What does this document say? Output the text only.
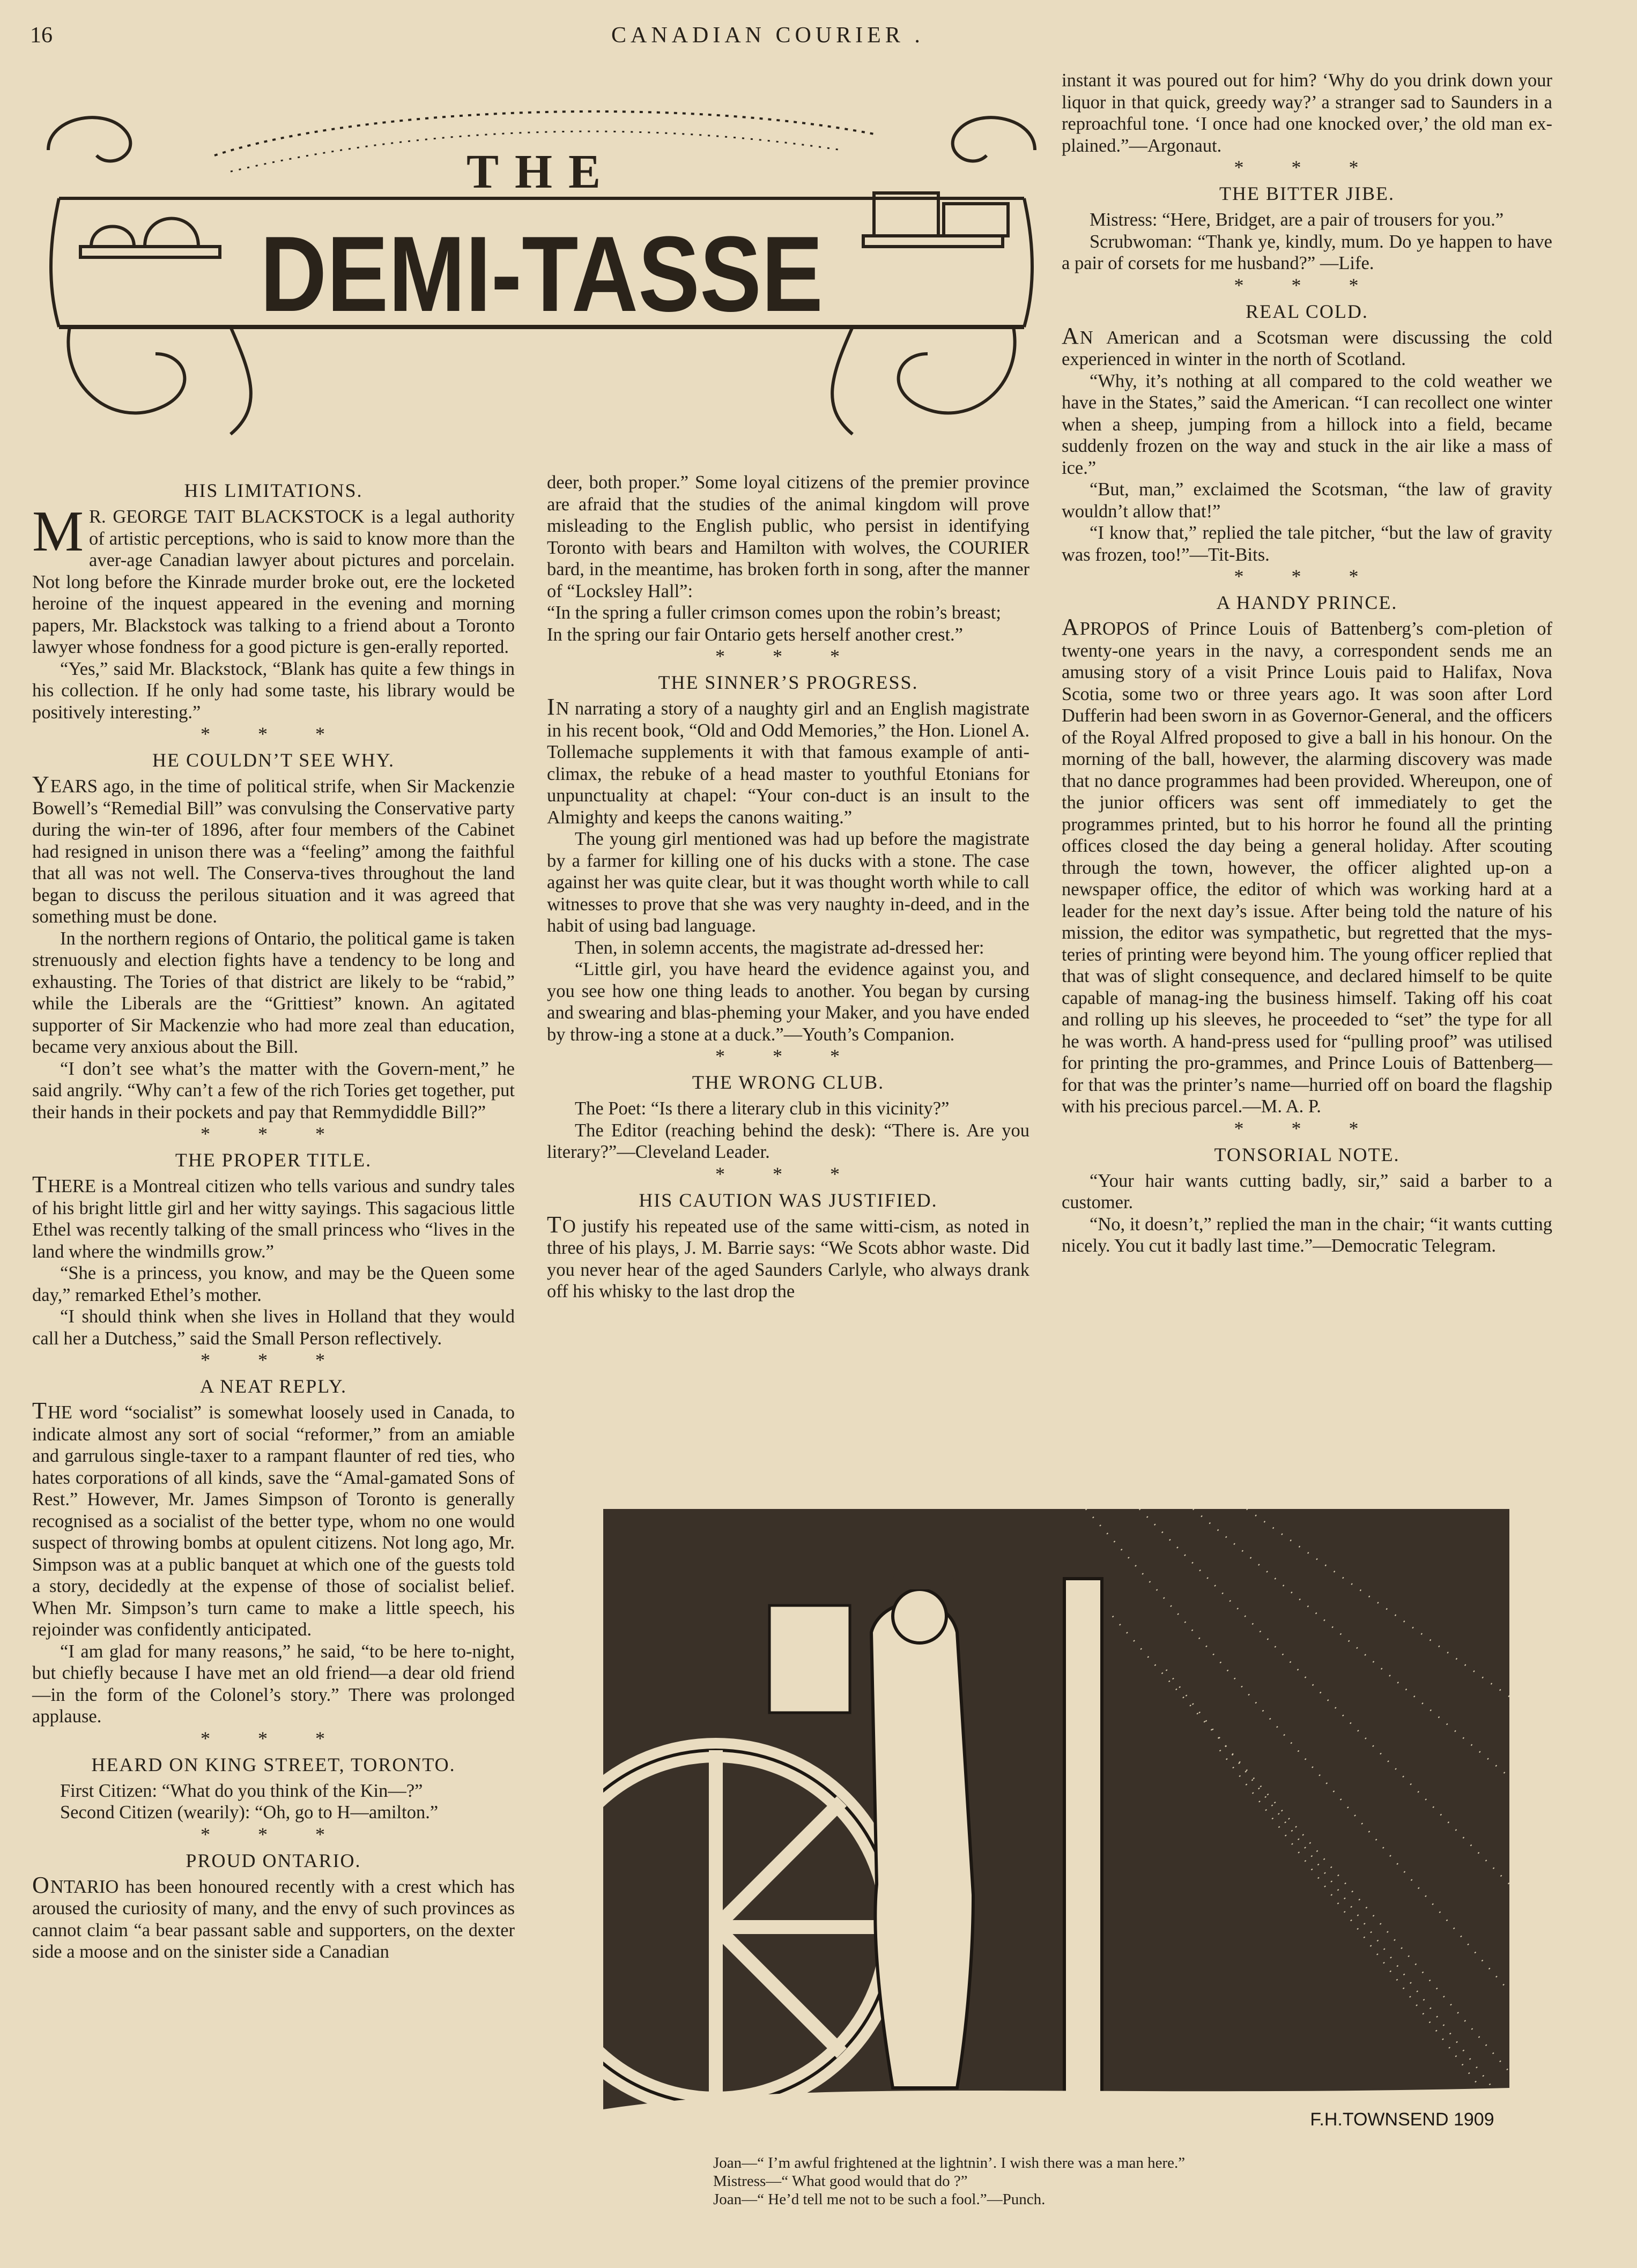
16	CANADIAN COURIER .
THE
DEMI-TASSE
HIS LIMITATIONS.

M R. GEORGE TAIT BLACKSTOCK is a legal authority of artistic perceptions, who is said to know more than the aver-age Canadian lawyer about pictures and porcelain. Not long before the Kinrade murder broke out, ere the locketed heroine of the inquest appeared in the evening and morning papers, Mr. Blackstock was talking to a friend about a Toronto lawyer whose fondness for a good picture is gen-erally reported.

“Yes,” said Mr. Blackstock, “Blank has quite a few things in his collection. If he only had some taste, his library would be positively interesting.”

* * *
HE COULDN’T SEE WHY.

YEARS ago, in the time of political strife, when Sir Mackenzie Bowell’s “Remedial Bill” was convulsing the Conservative party during the win-ter of 1896, after four members of the Cabinet had resigned in unison there was a “feeling” among the faithful that all was not well. The Conserva-tives throughout the land began to discuss the perilous situation and it was agreed that something must be done.

In the northern regions of Ontario, the political game is taken strenuously and election fights have a tendency to be long and exhausting. The Tories of that district are likely to be “rabid,” while the Liberals are the “Grittiest” known. An agitated supporter of Sir Mackenzie who had more zeal than education, became very anxious about the Bill.

“I don’t see what’s the matter with the Govern-ment,” he said angrily. “Why can’t a few of the rich Tories get together, put their hands in their pockets and pay that Remmydiddle Bill?”

* * *
THE PROPER TITLE.

THERE is a Montreal citizen who tells various and sundry tales of his bright little girl and her witty sayings. This sagacious little Ethel was recently talking of the small princess who “lives in the land where the windmills grow.”

“She is a princess, you know, and may be the Queen some day,” remarked Ethel’s mother.

“I should think when she lives in Holland that they would call her a Dutchess,” said the Small Person reflectively.

* * *
A NEAT REPLY.

THE word “socialist” is somewhat loosely used in Canada, to indicate almost any sort of social “reformer,” from an amiable and garrulous single-taxer to a rampant flaunter of red ties, who hates corporations of all kinds, save the “Amal-gamated Sons of Rest.” However, Mr. James Simpson of Toronto is generally recognised as a socialist of the better type, whom no one would suspect of throwing bombs at opulent citizens. Not long ago, Mr. Simpson was at a public banquet at which one of the guests told a story, decidedly at the expense of those of socialist belief. When Mr. Simpson’s turn came to make a little speech, his rejoinder was confidently anticipated.

“I am glad for many reasons,” he said, “to be here to-night, but chiefly because I have met an old friend—a dear old friend—in the form of the Colonel’s story.” There was prolonged applause.

* * *
HEARD ON KING STREET, TORONTO.

First Citizen: “What do you think of the Kin—?”

Second Citizen (wearily): “Oh, go to H—amilton.”

* * *
PROUD ONTARIO.

ONTARIO has been honoured recently with a crest which has aroused the curiosity of many, and the envy of such provinces as cannot claim “a bear passant sable and supporters, on the dexter side a moose and on the sinister side a Canadian

deer, both proper.” Some loyal citizens of the premier province are afraid that the studies of the animal kingdom will prove misleading to the English public, who persist in identifying Toronto with bears and Hamilton with wolves, the COURIER bard, in the meantime, has broken forth in song, after the manner of “Locksley Hall”:

“In the spring a fuller crimson comes upon the robin’s breast;

In the spring our fair Ontario gets herself another crest.”

* * *
THE SINNER’S PROGRESS.

IN narrating a story of a naughty girl and an English magistrate in his recent book, “Old and Odd Memories,” the Hon. Lionel A. Tollemache supplements it with that famous example of anti-climax, the rebuke of a head master to youthful Etonians for unpunctuality at chapel: “Your con-duct is an insult to the Almighty and keeps the canons waiting.”

The young girl mentioned was had up before the magistrate by a farmer for killing one of his ducks with a stone. The case against her was quite clear, but it was thought worth while to call witnesses to prove that she was very naughty in-deed, and in the habit of using bad language.

Then, in solemn accents, the magistrate ad-dressed her:

“Little girl, you have heard the evidence against you, and you see how one thing leads to another. You began by cursing and swearing and blas-pheming your Maker, and you have ended by throw-ing a stone at a duck.”—Youth’s Companion.

* * *
THE WRONG CLUB.

The Poet: “Is there a literary club in this vicinity?”

The Editor (reaching behind the desk): “There is. Are you literary?”—Cleveland Leader.

* * *
HIS CAUTION WAS JUSTIFIED.

TO justify his repeated use of the same witti-cism, as noted in three of his plays, J. M. Barrie says: “We Scots abhor waste. Did you never hear of the aged Saunders Carlyle, who always drank off his whisky to the last drop the

instant it was poured out for him? ‘Why do you drink down your liquor in that quick, greedy way?’ a stranger sad to Saunders in a reproachful tone. ‘I once had one knocked over,’ the old man ex-plained.”—Argonaut.

* * *
THE BITTER JIBE.

Mistress: “Here, Bridget, are a pair of trousers for you.”

Scrubwoman: “Thank ye, kindly, mum. Do ye happen to have a pair of corsets for me husband?” —Life.

* * *
REAL COLD.

AN American and a Scotsman were discussing the cold experienced in winter in the north of Scotland.

“Why, it’s nothing at all compared to the cold weather we have in the States,” said the American. “I can recollect one winter when a sheep, jumping from a hillock into a field, became suddenly frozen on the way and stuck in the air like a mass of ice.”

“But, man,” exclaimed the Scotsman, “the law of gravity wouldn’t allow that!”

“I know that,” replied the tale pitcher, “but the law of gravity was frozen, too!”—Tit-Bits.

* * *
A HANDY PRINCE.

APROPOS of Prince Louis of Battenberg’s com-pletion of twenty-one years in the navy, a correspondent sends me an amusing story of a visit Prince Louis paid to Halifax, Nova Scotia, some two or three years ago. It was soon after Lord Dufferin had been sworn in as Governor-General, and the officers of the Royal Alfred proposed to give a ball in his honour. On the morning of the ball, however, the alarming discovery was made that no dance programmes had been provided. Whereupon, one of the junior officers was sent off immediately to get the programmes printed, but to his horror he found all the printing offices closed the day being a general holiday. After scouting through the town, however, the officer alighted up-on a newspaper office, the editor of which was working hard at a leader for the next day’s issue. After being told the nature of his mission, the editor was sympathetic, but regretted that the mys-teries of printing were beyond him. The young officer replied that that was of slight consequence, and declared himself to be quite capable of manag-ing the business himself. Taking off his coat and rolling up his sleeves, he proceeded to “set” the type for all he was worth. A hand-press used for “pulling proof” was utilised for printing the pro-grammes, and Prince Louis of Battenberg—for that was the printer’s name—hurried off on board the flagship with his precious parcel.—M. A. P.

* * *
TONSORIAL NOTE.

“Your hair wants cutting badly, sir,” said a barber to a customer.

“No, it doesn’t,” replied the man in the chair; “it wants cutting nicely. You cut it badly last time.”—Democratic Telegram.

F.H.TOWNSEND 1909
Joan—“ I’m awful frightened at the lightnin’. I wish there was a man here.”
Mistress—“ What good would that do ?”
Joan—“ He’d tell me not to be such a fool.”—Punch.
